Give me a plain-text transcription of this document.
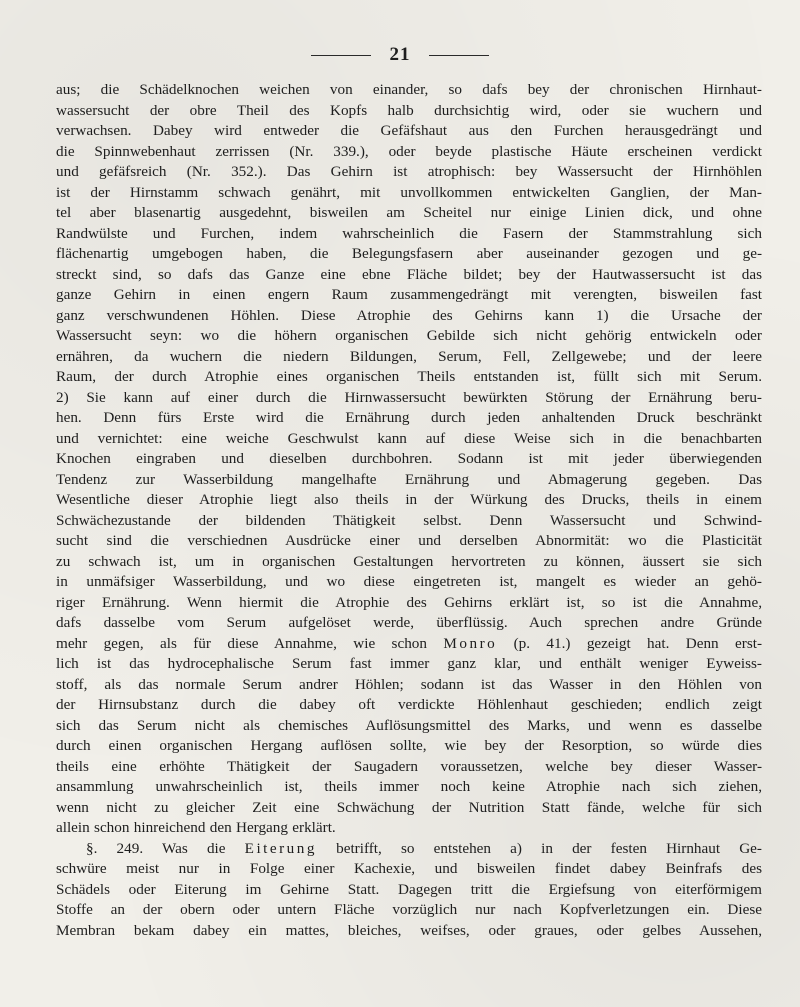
21
aus; die Schädelknochen weichen von einander, so dafs bey der chronischen Hirnhaut-
wassersucht der obre Theil des Kopfs halb durchsichtig wird, oder sie wuchern und
verwachsen. Dabey wird entweder die Gefäfshaut aus den Furchen herausgedrängt und
die Spinnwebenhaut zerrissen (Nr. 339.), oder beyde plastische Häute erscheinen verdickt
und gefäfsreich (Nr. 352.). Das Gehirn ist atrophisch: bey Wassersucht der Hirnhöhlen
ist der Hirnstamm schwach genährt, mit unvollkommen entwickelten Ganglien, der Man-
tel aber blasenartig ausgedehnt, bisweilen am Scheitel nur einige Linien dick, und ohne
Randwülste und Furchen, indem wahrscheinlich die Fasern der Stammstrahlung sich
flächenartig umgebogen haben, die Belegungsfasern aber auseinander gezogen und ge-
streckt sind, so dafs das Ganze eine ebne Fläche bildet; bey der Hautwassersucht ist das
ganze Gehirn in einen engern Raum zusammengedrängt mit verengten, bisweilen fast
ganz verschwundenen Höhlen. Diese Atrophie des Gehirns kann 1) die Ursache der
Wassersucht seyn: wo die höhern organischen Gebilde sich nicht gehörig entwickeln oder
ernähren, da wuchern die niedern Bildungen, Serum, Fell, Zellgewebe; und der leere
Raum, der durch Atrophie eines organischen Theils entstanden ist, füllt sich mit Serum.
2) Sie kann auf einer durch die Hirnwassersucht bewürkten Störung der Ernährung beru-
hen. Denn fürs Erste wird die Ernährung durch jeden anhaltenden Druck beschränkt
und vernichtet: eine weiche Geschwulst kann auf diese Weise sich in die benachbarten
Knochen eingraben und dieselben durchbohren. Sodann ist mit jeder überwiegenden
Tendenz zur Wasserbildung mangelhafte Ernährung und Abmagerung gegeben. Das
Wesentliche dieser Atrophie liegt also theils in der Würkung des Drucks, theils in einem
Schwächezustande der bildenden Thätigkeit selbst. Denn Wassersucht und Schwind-
sucht sind die verschiednen Ausdrücke einer und derselben Abnormität: wo die Plasticität
zu schwach ist, um in organischen Gestaltungen hervortreten zu können, äussert sie sich
in unmäfsiger Wasserbildung, und wo diese eingetreten ist, mangelt es wieder an gehö-
riger Ernährung. Wenn hiermit die Atrophie des Gehirns erklärt ist, so ist die Annahme,
dafs dasselbe vom Serum aufgelöset werde, überflüssig. Auch sprechen andre Gründe
mehr gegen, als für diese Annahme, wie schon Monro (p. 41.) gezeigt hat. Denn erst-
lich ist das hydrocephalische Serum fast immer ganz klar, und enthält weniger Eyweiss-
stoff, als das normale Serum andrer Höhlen; sodann ist das Wasser in den Höhlen von
der Hirnsubstanz durch die dabey oft verdickte Höhlenhaut geschieden; endlich zeigt
sich das Serum nicht als chemisches Auflösungsmittel des Marks, und wenn es dasselbe
durch einen organischen Hergang auflösen sollte, wie bey der Resorption, so würde dies
theils eine erhöhte Thätigkeit der Saugadern voraussetzen, welche bey dieser Wasser-
ansammlung unwahrscheinlich ist, theils immer noch keine Atrophie nach sich ziehen,
wenn nicht zu gleicher Zeit eine Schwächung der Nutrition Statt fände, welche für sich
allein schon hinreichend den Hergang erklärt.
§. 249. Was die Eiterung betrifft, so entstehen a) in der festen Hirnhaut Ge-
schwüre meist nur in Folge einer Kachexie, und bisweilen findet dabey Beinfrafs des
Schädels oder Eiterung im Gehirne Statt. Dagegen tritt die Ergiefsung von eiterförmigem
Stoffe an der obern oder untern Fläche vorzüglich nur nach Kopfverletzungen ein. Diese
Membran bekam dabey ein mattes, bleiches, weifses, oder graues, oder gelbes Aussehen,
